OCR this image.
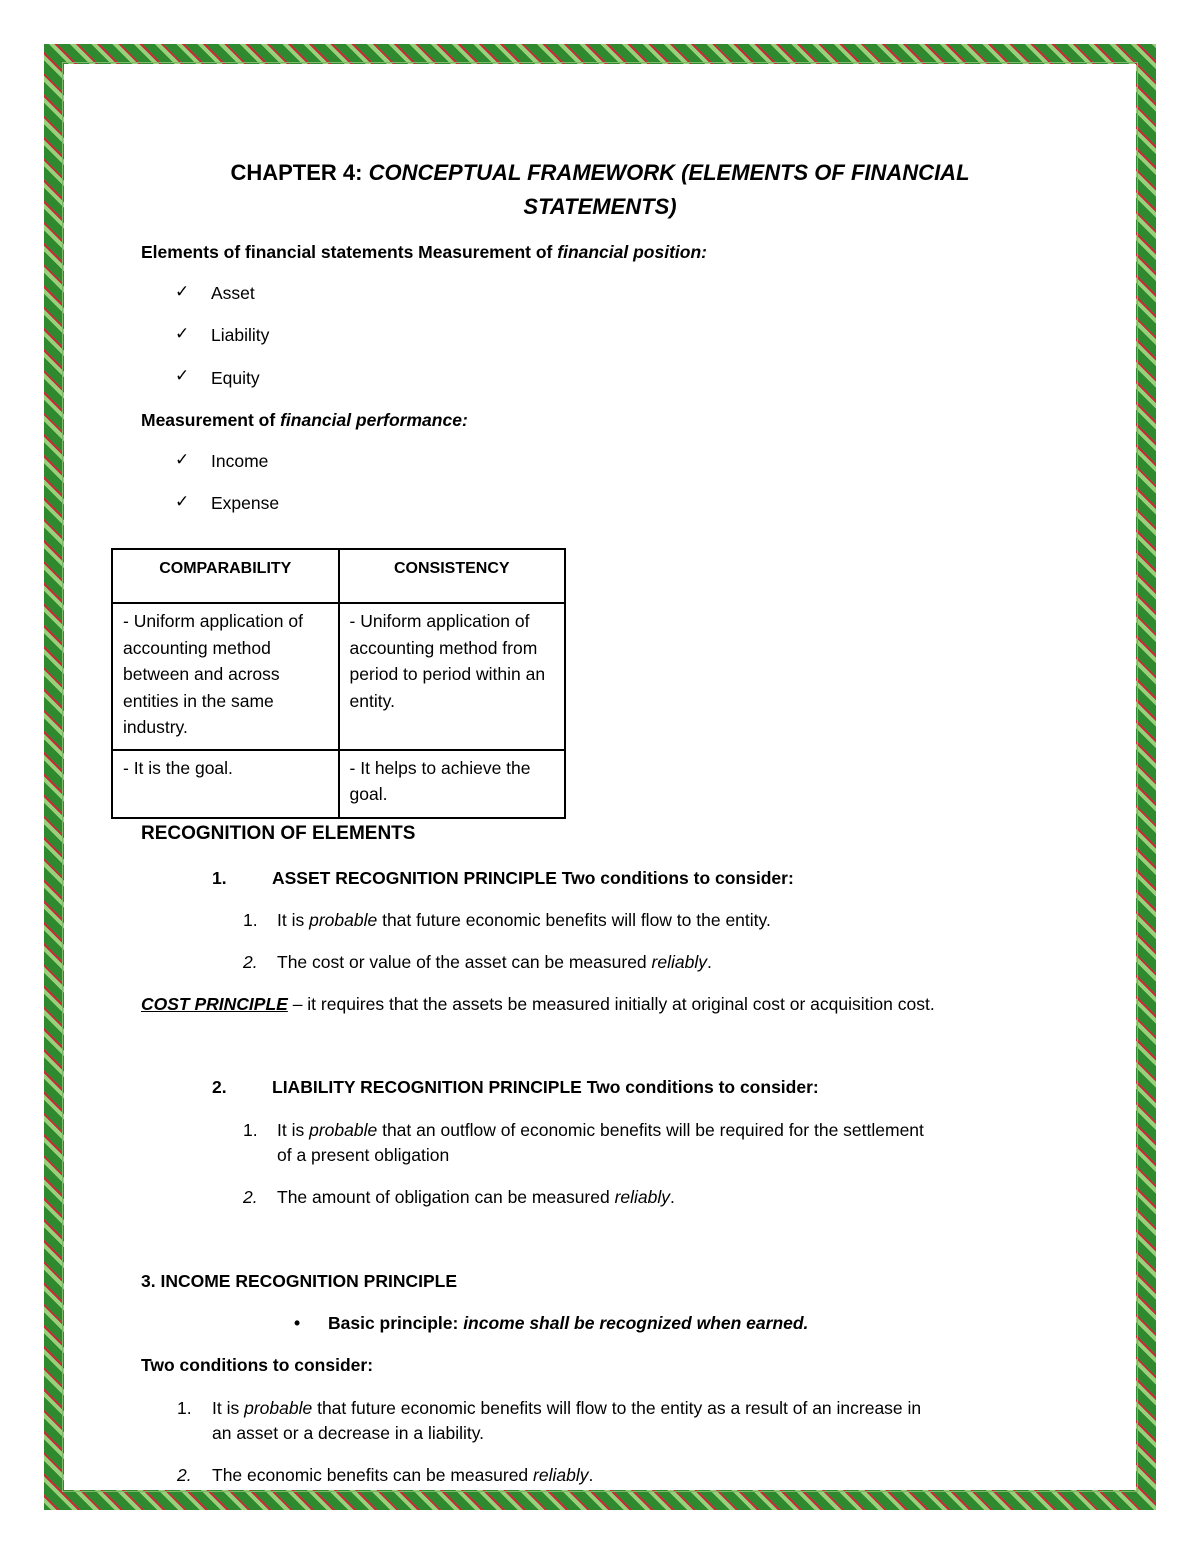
CHAPTER 4: CONCEPTUAL FRAMEWORK (ELEMENTS OF FINANCIAL
STATEMENTS)
Elements of financial statements Measurement of financial position:
✓ Asset
✓ Liability
✓ Equity
Measurement of financial performance:
✓ Income
✓ Expense
COMPARABILITY	CONSISTENCY
- Uniform application of accounting method between and across entities in the same industry.	- Uniform application of accounting method from period to period within an entity.
- It is the goal.	- It helps to achieve the goal.
RECOGNITION OF ELEMENTS
1.	ASSET RECOGNITION PRINCIPLE Two conditions to consider:
1. It is probable that future economic benefits will flow to the entity.
2. The cost or value of the asset can be measured reliably.
COST PRINCIPLE – it requires that the assets be measured initially at original cost or acquisition cost.
2.	LIABILITY RECOGNITION PRINCIPLE Two conditions to consider:
1. It is probable that an outflow of economic benefits will be required for the settlement
of a present obligation
2. The amount of obligation can be measured reliably.
3. INCOME RECOGNITION PRINCIPLE
• Basic principle: income shall be recognized when earned.
Two conditions to consider:
1. It is probable that future economic benefits will flow to the entity as a result of an increase in
an asset or a decrease in a liability.
2. The economic benefits can be measured reliably.
